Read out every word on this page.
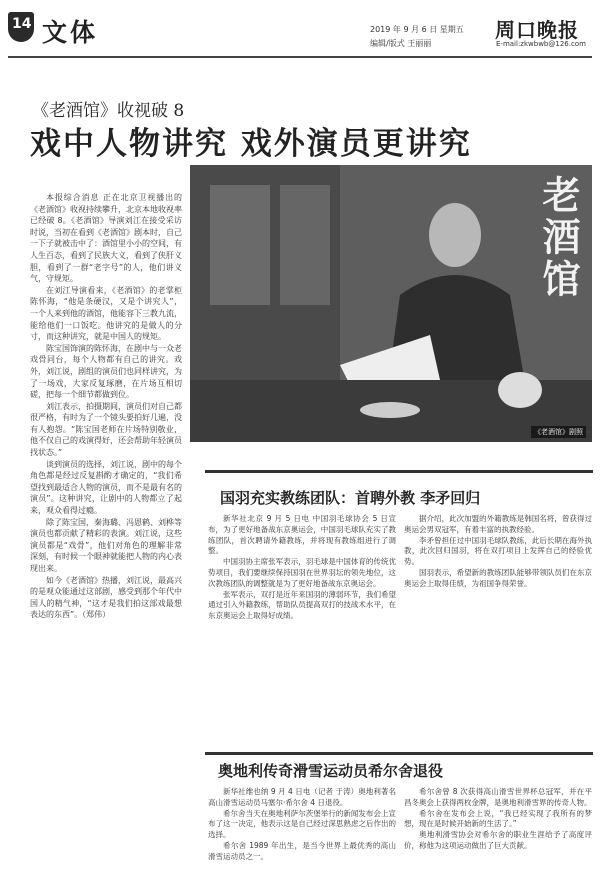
14 文体	2019 年 9 月 6 日 星期五
编辑/版式 王丽丽
周口晚报
E-mail:zkwbwb@126.com
《老酒馆》收视破 8
戏中人物讲究 戏外演员更讲究
老酒馆
《老酒馆》剧照

本报综合消息 正在北京卫视播出的《老酒馆》收视持续攀升，北京本地收视率已经破 8。《老酒馆》导演刘江在接受采访时说，当初在看到《老酒馆》剧本时，自己一下子就被击中了：酒馆里小小的空间，有人生百态，看到了民族大义，看到了侠肝义胆，看到了一群“老字号”的人，他们讲义气，守规矩。

在刘江导演看来，《老酒馆》的老掌柜陈怀海，“他是条硬汉，又是个讲究人”，一个人来到他的酒馆，他能容下三教九流，能给他们一口饭吃。他讲究的是做人的分寸，而这种讲究，就是中国人的规矩。

陈宝国饰演的陈怀海，在剧中与一众老戏骨同台，每个人物都有自己的讲究。戏外，刘江说，剧组的演员们也同样讲究，为了一场戏，大家反复琢磨，在片场互相切磋，把每一个细节都做到位。

刘江表示，拍摄期间，演员们对自己都很严格，有时为了一个镜头要拍好几遍，没有人抱怨。“陈宝国老师在片场特别敬业，他不仅自己的戏演得好，还会帮助年轻演员找状态。”

谈到演员的选择，刘江说，剧中的每个角色都是经过反复斟酌才确定的，“我们希望找到最适合人物的演员，而不是最有名的演员”。这种讲究，让剧中的人物都立了起来，观众看得过瘾。

除了陈宝国，秦海璐、冯恩鹤、刘桦等演员也都贡献了精彩的表演。刘江说，这些演员都是“戏骨”，他们对角色的理解非常深刻，有时候一个眼神就能把人物的内心表现出来。

如今《老酒馆》热播，刘江说，最高兴的是观众能通过这部剧，感受到那个年代中国人的精气神，“这才是我们拍这部戏最想表达的东西”。（郑伟）

国羽充实教练团队：首聘外教 李矛回归

新华社北京 9 月 5 日电 中国羽毛球协会 5 日宣布，为了更好地备战东京奥运会，中国羽毛球队充实了教练团队，首次聘请外籍教练，并将现有教练组进行了调整。

中国羽协主席张军表示，羽毛球是中国体育的传统优势项目，我们要继续保持国羽在世界羽坛的领先地位，这次教练团队的调整就是为了更好地备战东京奥运会。

张军表示，双打是近年来国羽的薄弱环节，我们希望通过引入外籍教练，帮助队员提高双打的技战术水平，在东京奥运会上取得好成绩。

据介绍，此次加盟的外籍教练是韩国名将，曾获得过奥运会男双冠军，有着丰富的执教经验。

李矛曾担任过中国羽毛球队教练，此后长期在海外执教，此次回归国羽，将在双打项目上发挥自己的经验优势。

国羽表示，希望新的教练团队能够带领队员们在东京奥运会上取得佳绩，为祖国争得荣誉。

奥地利传奇滑雪运动员希尔舍退役

新华社维也纳 9 月 4 日电（记者 于涛）奥地利著名高山滑雪运动员马塞尔·希尔舍 4 日退役。

希尔舍当天在奥地利萨尔茨堡举行的新闻发布会上宣布了这一决定，他表示这是自己经过深思熟虑之后作出的选择。

希尔舍 1989 年出生，是当今世界上最优秀的高山滑雪运动员之一。

希尔舍曾 8 次获得高山滑雪世界杯总冠军，并在平昌冬奥会上获得两枚金牌，是奥地利滑雪界的传奇人物。

希尔舍在发布会上说，“我已经实现了我所有的梦想，现在是时候开始新的生活了。”

奥地利滑雪协会对希尔舍的职业生涯给予了高度评价，称他为这项运动做出了巨大贡献。
